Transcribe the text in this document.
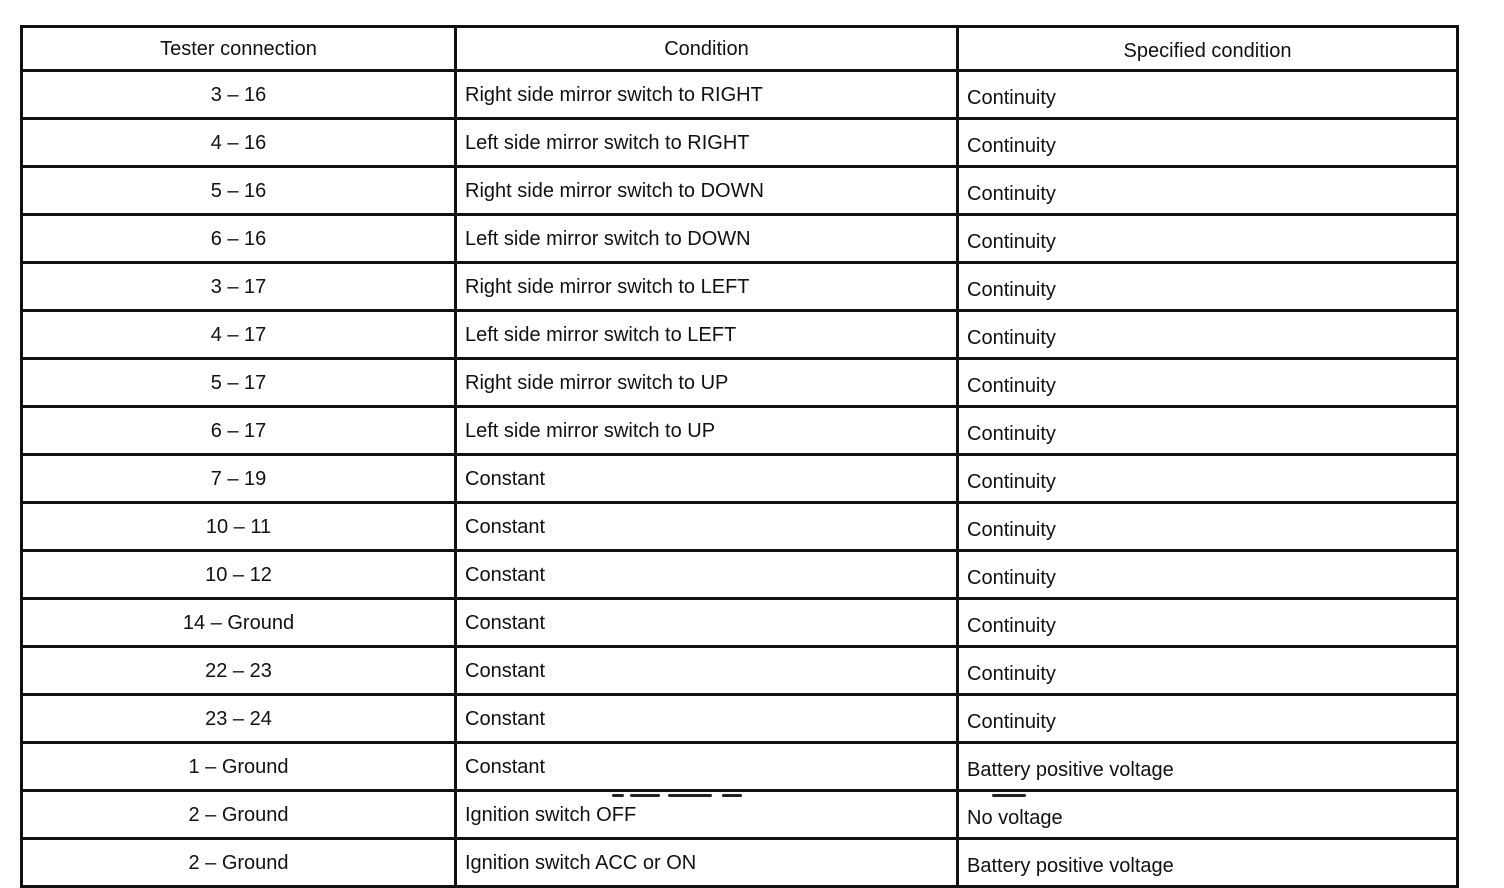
Tester connection	Condition	Specified condition
3 – 16	Right side mirror switch to RIGHT	Continuity
4 – 16	Left side mirror switch to RIGHT	Continuity
5 – 16	Right side mirror switch to DOWN	Continuity
6 – 16	Left side mirror switch to DOWN	Continuity
3 – 17	Right side mirror switch to LEFT	Continuity
4 – 17	Left side mirror switch to LEFT	Continuity
5 – 17	Right side mirror switch to UP	Continuity
6 – 17	Left side mirror switch to UP	Continuity
7 – 19	Constant	Continuity
10 – 11	Constant	Continuity
10 – 12	Constant	Continuity
14 – Ground	Constant	Continuity
22 – 23	Constant	Continuity
23 – 24	Constant	Continuity
1 – Ground	Constant	Battery positive voltage
2 – Ground	Ignition switch OFF	No voltage
2 – Ground	Ignition switch ACC or ON	Battery positive voltage
